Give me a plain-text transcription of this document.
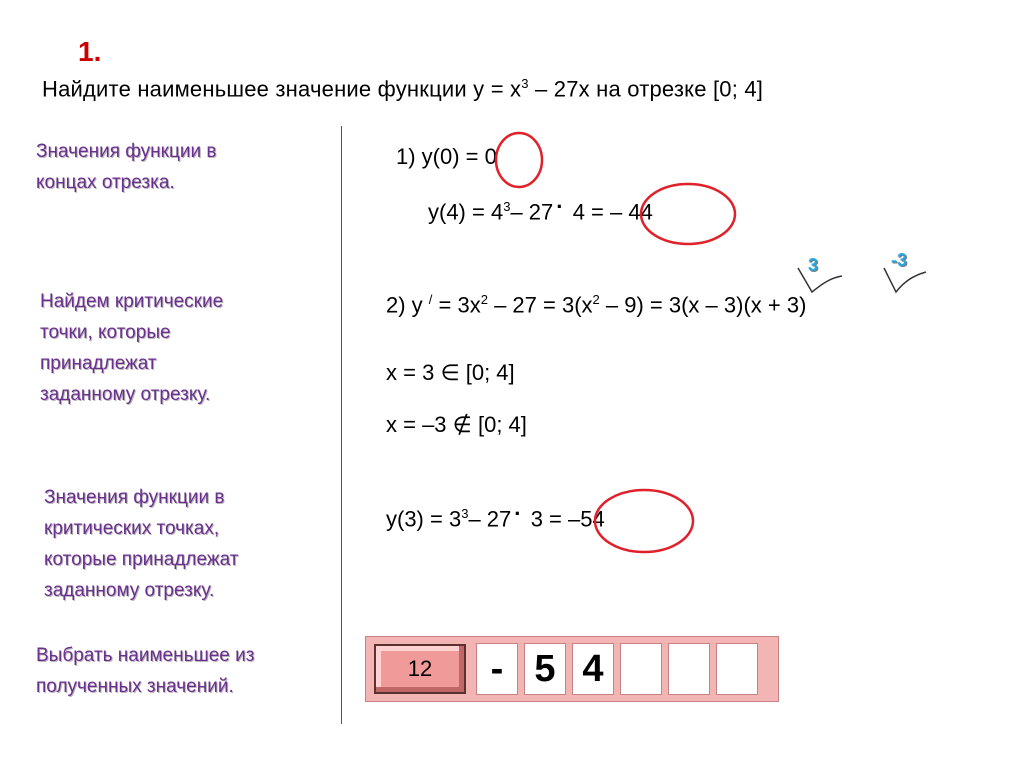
1.
Найдите наименьшее значение функции $y = x^3 - 27x$ на отрезке [0; 4]
Значения функции в
концах отрезка.
Найдем критические
точки, которые
принадлежат
заданному отрезку.
Значения функции в
критических точках,
которые принадлежат
заданному отрезку.
Выбрать наименьшее из
полученных значений.
1) y(0) = 0
$y(4) = 4^3-$ 27 · 4 = – 44
2) y $^/ = 3x^2 - 27 = 3(x^2 - 9) = 3(x - 3)(x + 3)$
x = 3 ∈ [0; 4]
x = –3 ∉ [0; 4]
$y(3) = 3^3-$ 27 · 3 = –54
3	-3
12	- 5 4
